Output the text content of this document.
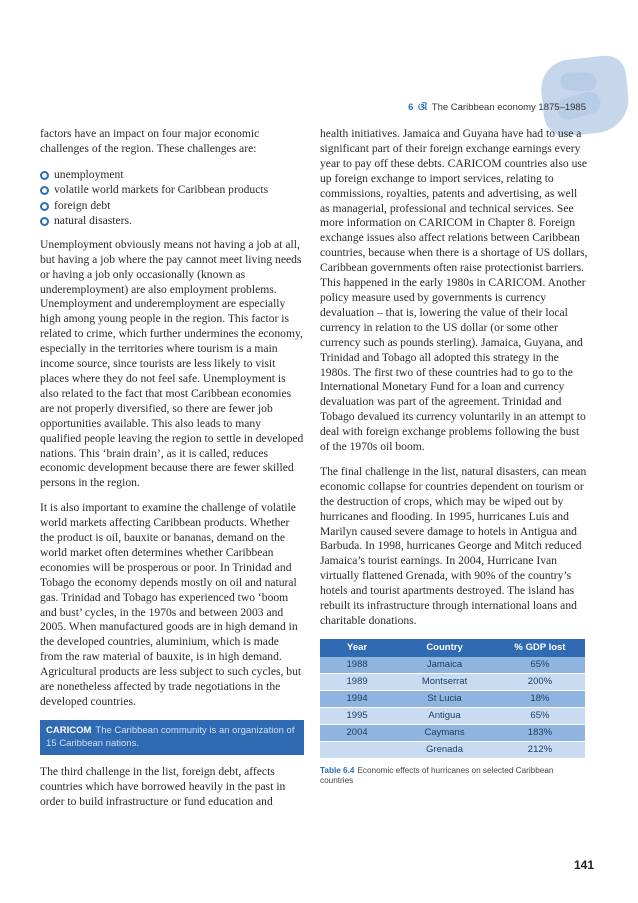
6 ଔ The Caribbean economy 1875–1985

factors have an impact on four major economic challenges of the region. These challenges are:

unemployment
volatile world markets for Caribbean products
foreign debt
natural disasters.

Unemployment obviously means not having a job at all, but having a job where the pay cannot meet living needs or having a job only occasionally (known as underemployment) are also employment problems. Unemployment and underemployment are especially high among young people in the region. This factor is related to crime, which further undermines the economy, especially in the territories where tourism is a main income source, since tourists are less likely to visit places where they do not feel safe. Unemployment is also related to the fact that most Caribbean economies are not properly diversified, so there are fewer job opportunities available. This also leads to many qualified people leaving the region to settle in developed nations. This ‘brain drain’, as it is called, reduces economic development because there are fewer skilled persons in the region.

It is also important to examine the challenge of volatile world markets affecting Caribbean products. Whether the product is oil, bauxite or bananas, demand on the world market often determines whether Caribbean economies will be prosperous or poor. In Trinidad and Tobago the economy depends mostly on oil and natural gas. Trinidad and Tobago has experienced two ‘boom and bust’ cycles, in the 1970s and between 2003 and 2005. When manufactured goods are in high demand in the developed countries, aluminium, which is made from the raw material of bauxite, is in high demand. Agricultural products are less subject to such cycles, but are nonetheless affected by trade negotiations in the developed countries.

CARICOM The Caribbean community is an organization of 15 Caribbean nations.

The third challenge in the list, foreign debt, affects countries which have borrowed heavily in the past in order to build infrastructure or fund education and

health initiatives. Jamaica and Guyana have had to use a significant part of their foreign exchange earnings every year to pay off these debts. CARICOM countries also use up foreign exchange to import services, relating to commissions, royalties, patents and advertising, as well as managerial, professional and technical services. See more information on CARICOM in Chapter 8. Foreign exchange issues also affect relations between Caribbean countries, because when there is a shortage of US dollars, Caribbean governments often raise protectionist barriers. This happened in the early 1980s in CARICOM. Another policy measure used by governments is currency devaluation – that is, lowering the value of their local currency in relation to the US dollar (or some other currency such as pounds sterling). Jamaica, Guyana, and Trinidad and Tobago all adopted this strategy in the 1980s. The first two of these countries had to go to the International Monetary Fund for a loan and currency devaluation was part of the agreement. Trinidad and Tobago devalued its currency voluntarily in an attempt to deal with foreign exchange problems following the bust of the 1970s oil boom.

The final challenge in the list, natural disasters, can mean economic collapse for countries dependent on tourism or the destruction of crops, which may be wiped out by hurricanes and flooding. In 1995, hurricanes Luis and Marilyn caused severe damage to hotels in Antigua and Barbuda. In 1998, hurricanes George and Mitch reduced Jamaica’s tourist earnings. In 2004, Hurricane Ivan virtually flattened Grenada, with 90% of the country’s hotels and tourist apartments destroyed. The island has rebuilt its infrastructure through international loans and charitable donations.

Year	Country	% GDP lost
1988	Jamaica	65%
1989	Montserrat	200%
1994	St Lucia	18%
1995	Antigua	65%
2004	Caymans	183%
	Grenada	212%
Table 6.4 Economic effects of hurricanes on selected Caribbean countries
141
